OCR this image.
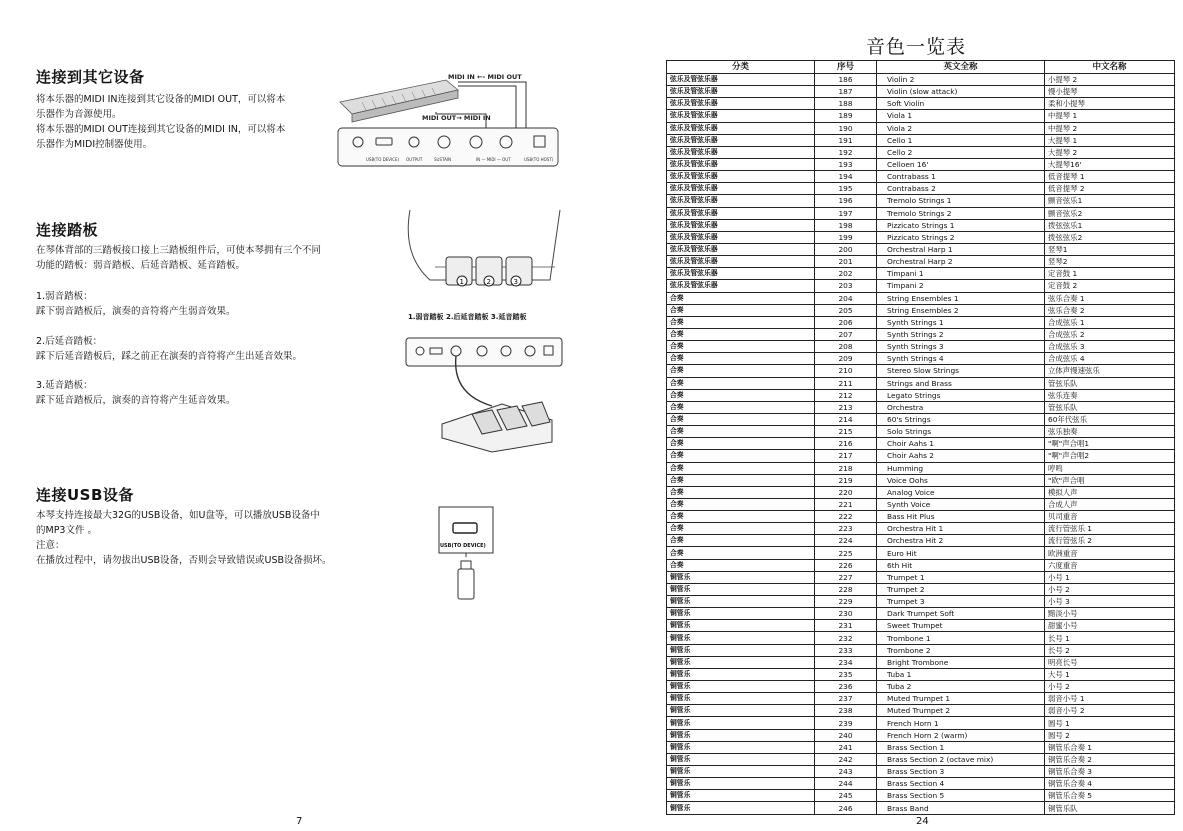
连接到其它设备
将本乐器的MIDI IN连接到其它设备的MIDI OUT，可以将本
乐器作为音源使用。
将本乐器的MIDI OUT连接到其它设备的MIDI IN，可以将本
乐器作为MIDI控制器使用。
MIDI IN ←- MIDI OUT
MIDI OUT→ MIDI IN
USB(TO DEVICE) OUTPUT	SUSTAIN	IN — MIDI — OUT	USB(TO HOST)
连接踏板
在琴体背部的三踏板接口接上三踏板组件后，可使本琴拥有三个不同
功能的踏板：弱音踏板、后延音踏板、延音踏板。
1.弱音踏板：
踩下弱音踏板后，演奏的音符将产生弱音效果。
2.后延音踏板：
踩下后延音踏板后，踩之前正在演奏的音符将产生出延音效果。
3.延音踏板：
踩下延音踏板后，演奏的音符将产生延音效果。
1	2	3
1.弱音踏板 2.后延音踏板 3.延音踏板
连接USB设备
本琴支持连接最大32G的USB设备，如U盘等，可以播放USB设备中
的MP3文件 。
注意：
在播放过程中，请勿拔出USB设备，否则会导致错误或USB设备损坏。
USB(TO DEVICE)
7
音色一览表
分类	序号	英文全称	中文名称
弦乐及管弦乐器	186	Violin 2	小提琴 2
弦乐及管弦乐器	187	Violin (slow attack)	慢小提琴
弦乐及管弦乐器	188	Soft Violin	柔和小提琴
弦乐及管弦乐器	189	Viola 1	中提琴 1
弦乐及管弦乐器	190	Viola 2	中提琴 2
弦乐及管弦乐器	191	Cello 1	大提琴 1
弦乐及管弦乐器	192	Cello 2	大提琴 2
弦乐及管弦乐器	193	Celloen 16'	大提琴16'
弦乐及管弦乐器	194	Contrabass 1	低音提琴 1
弦乐及管弦乐器	195	Contrabass 2	低音提琴 2
弦乐及管弦乐器	196	Tremolo Strings 1	颤音弦乐1
弦乐及管弦乐器	197	Tremolo Strings 2	颤音弦乐2
弦乐及管弦乐器	198	Pizzicato Strings 1	拨弦弦乐1
弦乐及管弦乐器	199	Pizzicato Strings 2	拨弦弦乐2
弦乐及管弦乐器	200	Orchestral Harp 1	竖琴1
弦乐及管弦乐器	201	Orchestral Harp 2	竖琴2
弦乐及管弦乐器	202	Timpani 1	定音鼓 1
弦乐及管弦乐器	203	Timpani 2	定音鼓 2
合奏	204	String Ensembles 1	弦乐合奏 1
合奏	205	String Ensembles 2	弦乐合奏 2
合奏	206	Synth Strings 1	合成弦乐 1
合奏	207	Synth Strings 2	合成弦乐 2
合奏	208	Synth Strings 3	合成弦乐 3
合奏	209	Synth Strings 4	合成弦乐 4
合奏	210	Stereo Slow Strings	立体声慢速弦乐
合奏	211	Strings and Brass	管弦乐队
合奏	212	Legato Strings	弦乐连奏
合奏	213	Orchestra	管弦乐队
合奏	214	60's Strings	60年代弦乐
合奏	215	Solo Strings	弦乐独奏
合奏	216	Choir Aahs 1	"啊"声合唱1
合奏	217	Choir Aahs 2	"啊"声合唱2
合奏	218	Humming	哼鸣
合奏	219	Voice Oohs	"欧"声合唱
合奏	220	Analog Voice	模拟人声
合奏	221	Synth Voice	合成人声
合奏	222	Bass Hit Plus	贝司重音
合奏	223	Orchestra Hit 1	流行管弦乐 1
合奏	224	Orchestra Hit 2	流行管弦乐 2
合奏	225	Euro Hit	欧洲重音
合奏	226	6th Hit	六度重音
铜管乐	227	Trumpet 1	小号 1
铜管乐	228	Trumpet 2	小号 2
铜管乐	229	Trumpet 3	小号 3
铜管乐	230	Dark Trumpet Soft	黯淡小号
铜管乐	231	Sweet Trumpet	甜蜜小号
铜管乐	232	Trombone 1	长号 1
铜管乐	233	Trombone 2	长号 2
铜管乐	234	Bright Trombone	明亮长号
铜管乐	235	Tuba 1	大号 1
铜管乐	236	Tuba 2	小号 2
铜管乐	237	Muted Trumpet 1	弱音小号 1
铜管乐	238	Muted Trumpet 2	弱音小号 2
铜管乐	239	French Horn 1	圆号 1
铜管乐	240	French Horn 2 (warm)	圆号 2
铜管乐	241	Brass Section 1	铜管乐合奏 1
铜管乐	242	Brass Section 2 (octave mix)	铜管乐合奏 2
铜管乐	243	Brass Section 3	铜管乐合奏 3
铜管乐	244	Brass Section 4	铜管乐合奏 4
铜管乐	245	Brass Section 5	铜管乐合奏 5
铜管乐	246	Brass Band	铜管乐队
24
